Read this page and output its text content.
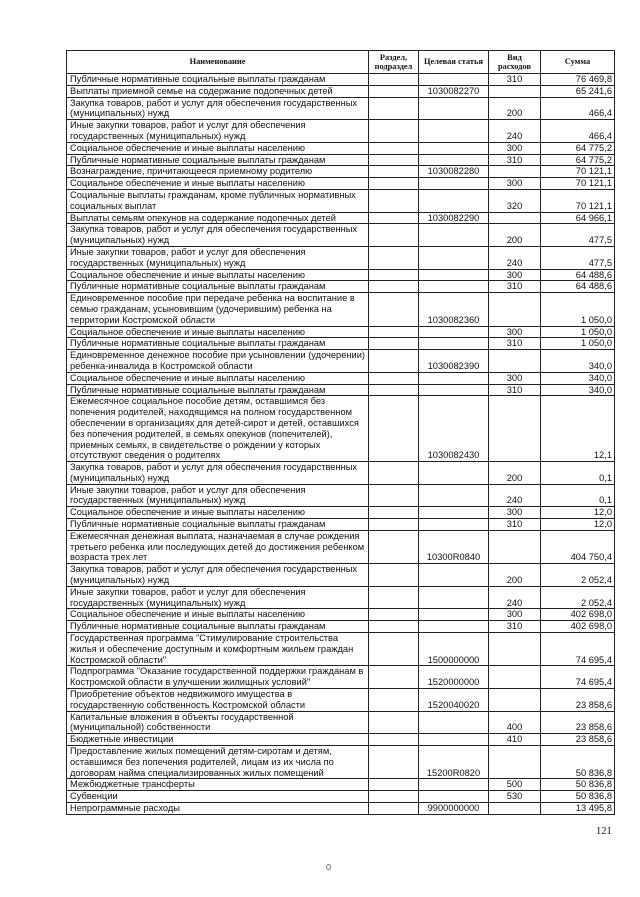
Наименование	Раздел, подраздел	Целевая статья	Вид расходов	Сумма
Публичные нормативные социальные выплаты гражданам			310	76 469,8
Выплаты приемной семье на содержание подопечных детей		1030082270		65 241,6
Закупка товаров, работ и услуг для обеспечения государственных (муниципальных) нужд			200	466,4
Иные закупки товаров, работ и услуг для обеспечения государственных (муниципальных) нужд			240	466,4
Социальное обеспечение и иные выплаты населению			300	64 775,2
Публичные нормативные социальные выплаты гражданам			310	64 775,2
Вознаграждение, причитающееся приемному родителю		1030082280		70 121,1
Социальное обеспечение и иные выплаты населению			300	70 121,1
Социальные выплаты гражданам, кроме публичных нормативных социальных выплат			320	70 121,1
Выплаты семьям опекунов на содержание подопечных детей		1030082290		64 966,1
Закупка товаров, работ и услуг для обеспечения государственных (муниципальных) нужд			200	477,5
Иные закупки товаров, работ и услуг для обеспечения государственных (муниципальных) нужд			240	477,5
Социальное обеспечение и иные выплаты населению			300	64 488,6
Публичные нормативные социальные выплаты гражданам			310	64 488,6
Единовременное пособие при передаче ребенка на воспитание в семью гражданам, усыновившим (удочерившим) ребенка на территории Костромской области		1030082360		1 050,0
Социальное обеспечение и иные выплаты населению			300	1 050,0
Публичные нормативные социальные выплаты гражданам			310	1 050,0
Единовременное денежное пособие при усыновлении (удочерении) ребенка-инвалида в Костромской области		1030082390		340,0
Социальное обеспечение и иные выплаты населению			300	340,0
Публичные нормативные социальные выплаты гражданам			310	340,0
Ежемесячное социальное пособие детям, оставшимся без попечения родителей, находящимся на полном государственном обеспечении в организациях для детей-сирот и детей, оставшихся без попечения родителей, в семьях опекунов (попечителей), приемных семьях, в свидетельстве о рождении у которых отсутствуют сведения о родителях		1030082430		12,1
Закупка товаров, работ и услуг для обеспечения государственных (муниципальных) нужд			200	0,1
Иные закупки товаров, работ и услуг для обеспечения государственных (муниципальных) нужд			240	0,1
Социальное обеспечение и иные выплаты населению			300	12,0
Публичные нормативные социальные выплаты гражданам			310	12,0
Ежемесячная денежная выплата, назначаемая в случае рождения третьего ребенка или последующих детей до достижения ребенком возраста трех лет		10300R0840		404 750,4
Закупка товаров, работ и услуг для обеспечения государственных (муниципальных) нужд			200	2 052,4
Иные закупки товаров, работ и услуг для обеспечения государственных (муниципальных) нужд			240	2 052,4
Социальное обеспечение и иные выплаты населению			300	402 698,0
Публичные нормативные социальные выплаты гражданам			310	402 698,0
Государственная программа "Стимулирование строительства жилья и обеспечение доступным и комфортным жильем граждан Костромской области"		1500000000		74 695,4
Подпрограмма "Оказание государственной поддержки гражданам в Костромской области в улучшении жилищных условий"		1520000000		74 695,4
Приобретение объектов недвижимого имущества в государственную собственность Костромской области		1520040020		23 858,6
Капитальные вложения в объекты государственной (муниципальной) собственности			400	23 858,6
Бюджетные инвестиции			410	23 858,6
Предоставление жилых помещений детям-сиротам и детям, оставшимся без попечения родителей, лицам из их числа по договорам найма специализированных жилых помещений		15200R0820		50 836,8
Межбюджетные трансферты			500	50 836,8
Субвенции			530	50 836,8
Непрограммные расходы		9900000000		13 495,8
121
